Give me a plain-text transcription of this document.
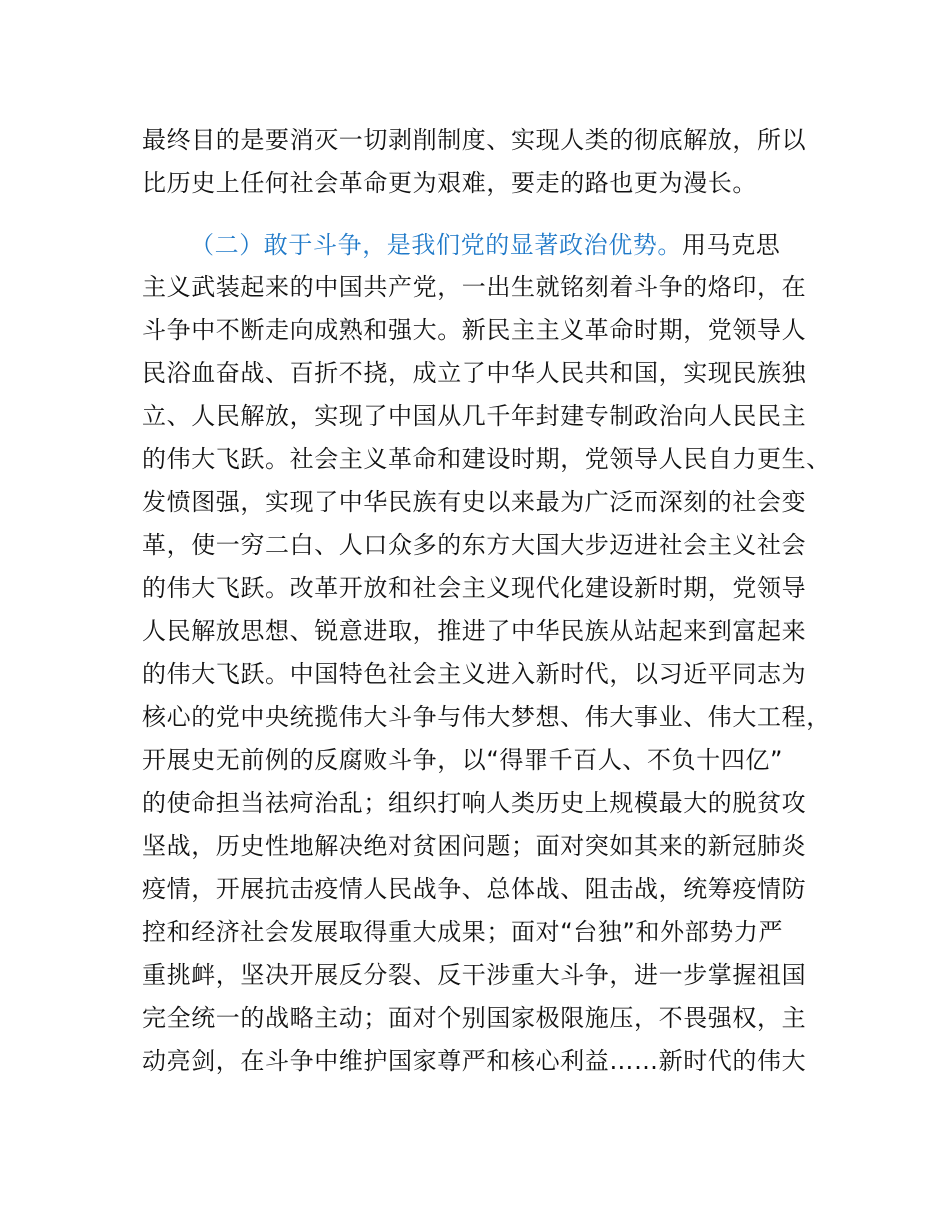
最终目的是要消灭一切剥削制度、实现人类的彻底解放，所以
比历史上任何社会革命更为艰难，要走的路也更为漫长。
（二）敢于斗争，是我们党的显著政治优势。用马克思
主义武装起来的中国共产党，一出生就铭刻着斗争的烙印，在
斗争中不断走向成熟和强大。新民主主义革命时期，党领导人
民浴血奋战、百折不挠，成立了中华人民共和国，实现民族独
立、人民解放，实现了中国从几千年封建专制政治向人民民主
的伟大飞跃。社会主义革命和建设时期，党领导人民自力更生、
发愤图强，实现了中华民族有史以来最为广泛而深刻的社会变
革，使一穷二白、人口众多的东方大国大步迈进社会主义社会
的伟大飞跃。改革开放和社会主义现代化建设新时期，党领导
人民解放思想、锐意进取，推进了中华民族从站起来到富起来
的伟大飞跃。中国特色社会主义进入新时代，以习近平同志为
核心的党中央统揽伟大斗争与伟大梦想、伟大事业、伟大工程，
开展史无前例的反腐败斗争，以“得罪千百人、不负十四亿”
的使命担当祛疴治乱；组织打响人类历史上规模最大的脱贫攻
坚战，历史性地解决绝对贫困问题；面对突如其来的新冠肺炎
疫情，开展抗击疫情人民战争、总体战、阻击战，统筹疫情防
控和经济社会发展取得重大成果；面对“台独”和外部势力严
重挑衅，坚决开展反分裂、反干涉重大斗争，进一步掌握祖国
完全统一的战略主动；面对个别国家极限施压，不畏强权，主
动亮剑，在斗争中维护国家尊严和核心利益……新时代的伟大
